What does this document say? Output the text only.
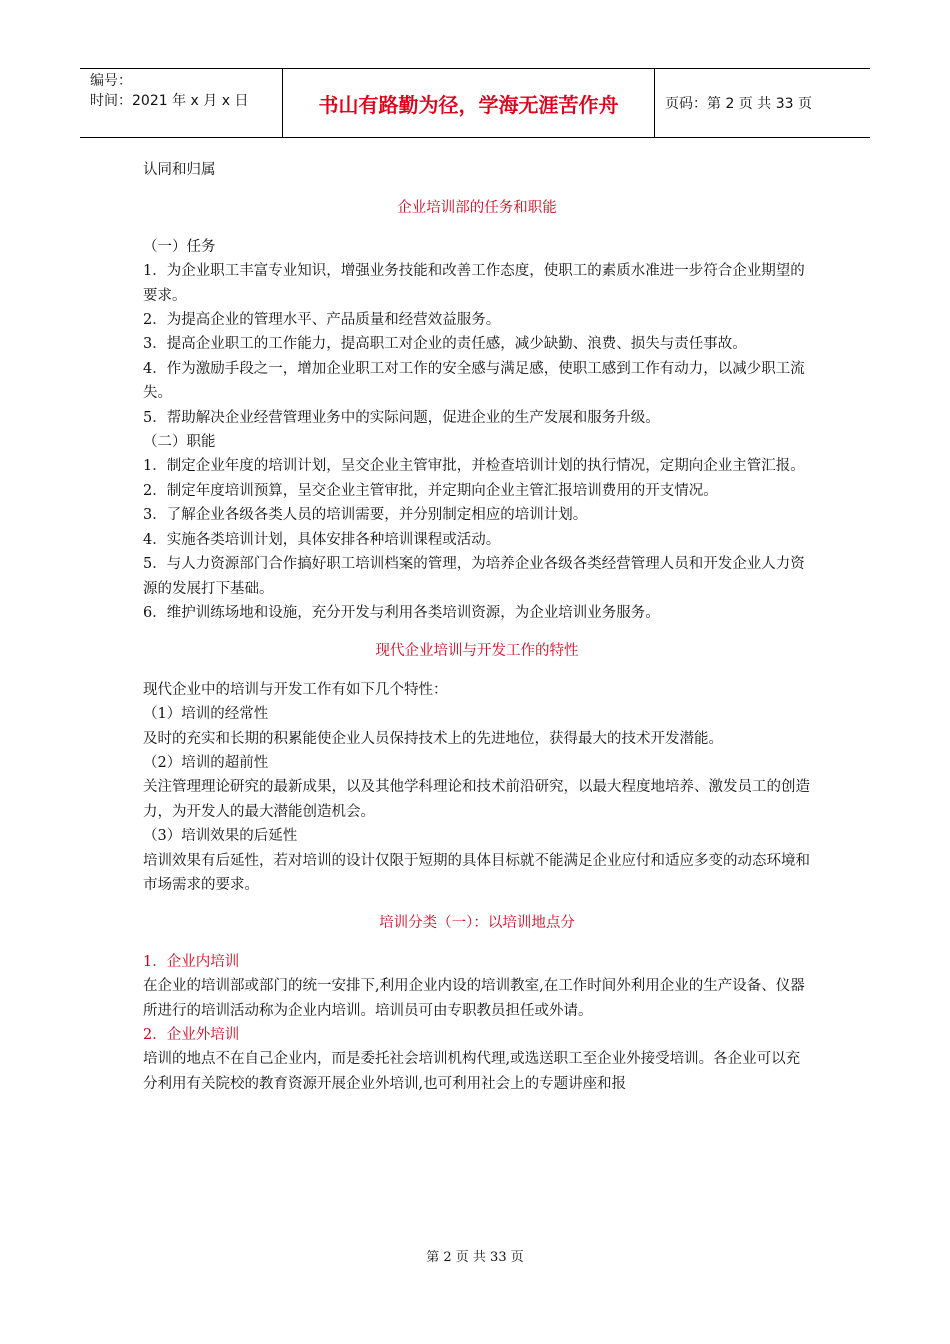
编号：
时间：2021 年 x 月 x 日	书山有路勤为径，学海无涯苦作舟	页码：第 2 页 共 33 页

认同和归属

企业培训部的任务和职能

（一）任务

1．为企业职工丰富专业知识，增强业务技能和改善工作态度，使职工的素质水准进一步符合企业期望的要求。

2．为提高企业的管理水平、产品质量和经营效益服务。

3．提高企业职工的工作能力，提高职工对企业的责任感，减少缺勤、浪费、损失与责任事故。

4．作为激励手段之一，增加企业职工对工作的安全感与满足感，使职工感到工作有动力，以减少职工流失。

5．帮助解决企业经营管理业务中的实际问题，促进企业的生产发展和服务升级。

（二）职能

1．制定企业年度的培训计划，呈交企业主管审批，并检查培训计划的执行情况，定期向企业主管汇报。

2．制定年度培训预算，呈交企业主管审批，并定期向企业主管汇报培训费用的开支情况。

3．了解企业各级各类人员的培训需要，并分别制定相应的培训计划。

4．实施各类培训计划，具体安排各种培训课程或活动。

5．与人力资源部门合作搞好职工培训档案的管理，为培养企业各级各类经营管理人员和开发企业人力资源的发展打下基础。

6．维护训练场地和设施，充分开发与利用各类培训资源，为企业培训业务服务。

现代企业培训与开发工作的特性

现代企业中的培训与开发工作有如下几个特性：

（1）培训的经常性

及时的充实和长期的积累能使企业人员保持技术上的先进地位，获得最大的技术开发潜能。

（2）培训的超前性

关注管理理论研究的最新成果，以及其他学科理论和技术前沿研究，以最大程度地培养、激发员工的创造力，为开发人的最大潜能创造机会。

（3）培训效果的后延性

培训效果有后延性，若对培训的设计仅限于短期的具体目标就不能满足企业应付和适应多变的动态环境和市场需求的要求。

培训分类（一）：以培训地点分

1．企业内培训

在企业的培训部或部门的统一安排下,利用企业内设的培训教室,在工作时间外利用企业的生产设备、仪器所进行的培训活动称为企业内培训。培训员可由专职教员担任或外请。

2．企业外培训

培训的地点不在自己企业内，而是委托社会培训机构代理,或选送职工至企业外接受培训。各企业可以充分利用有关院校的教育资源开展企业外培训,也可利用社会上的专题讲座和报

第 2 页 共 33 页
